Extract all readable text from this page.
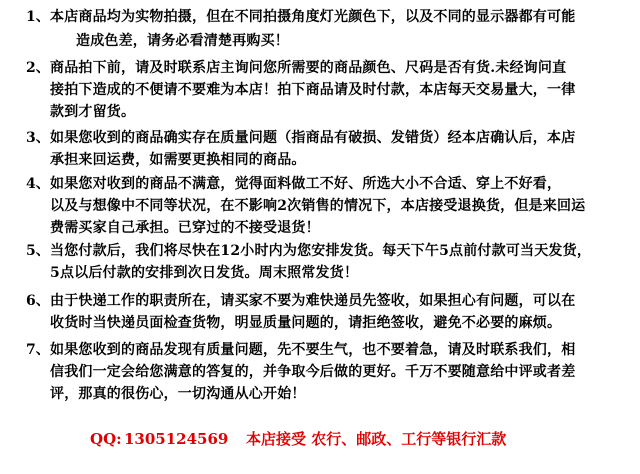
1、 本店商品均为实物拍摄，但在不同拍摄角度灯光颜色下，以及不同的显示器都有可能
造成色差，请务必看清楚再购买！
2、 商品拍下前，请及时联系店主询问您所需要的商品颜色、尺码是否有货.未经询问直
接拍下造成的不便请不要难为本店！拍下商品请及时付款，本店每天交易量大，一律
款到才留货。
3、 如果您收到的商品确实存在质量问题（指商品有破损、发错货）经本店确认后，本店
承担来回运费，如需要更换相同的商品。
4、 如果您对收到的商品不满意，觉得面料做工不好、所选大小不合适、穿上不好看，
以及与想像中不同等状况，在不影响2次销售的情况下，本店接受退换货，但是来回运
费需买家自己承担。已穿过的不接受退货！
5、 当您付款后，我们将尽快在12小时内为您安排发货。每天下午5点前付款可当天发货，
5点以后付款的安排到次日发货。周末照常发货！
6、 由于快递工作的职责所在，请买家不要为难快递员先签收，如果担心有问题，可以在
收货时当快递员面检查货物，明显质量问题的，请拒绝签收，避免不必要的麻烦。
7、 如果您收到的商品发现有质量问题，先不要生气，也不要着急，请及时联系我们，相
信我们一定会给您满意的答复的，并争取今后做的更好。千万不要随意给中评或者差
评，那真的很伤心，一切沟通从心开始！
QQ: 1305124569 本店接受 农行、邮政、工行等银行汇款
